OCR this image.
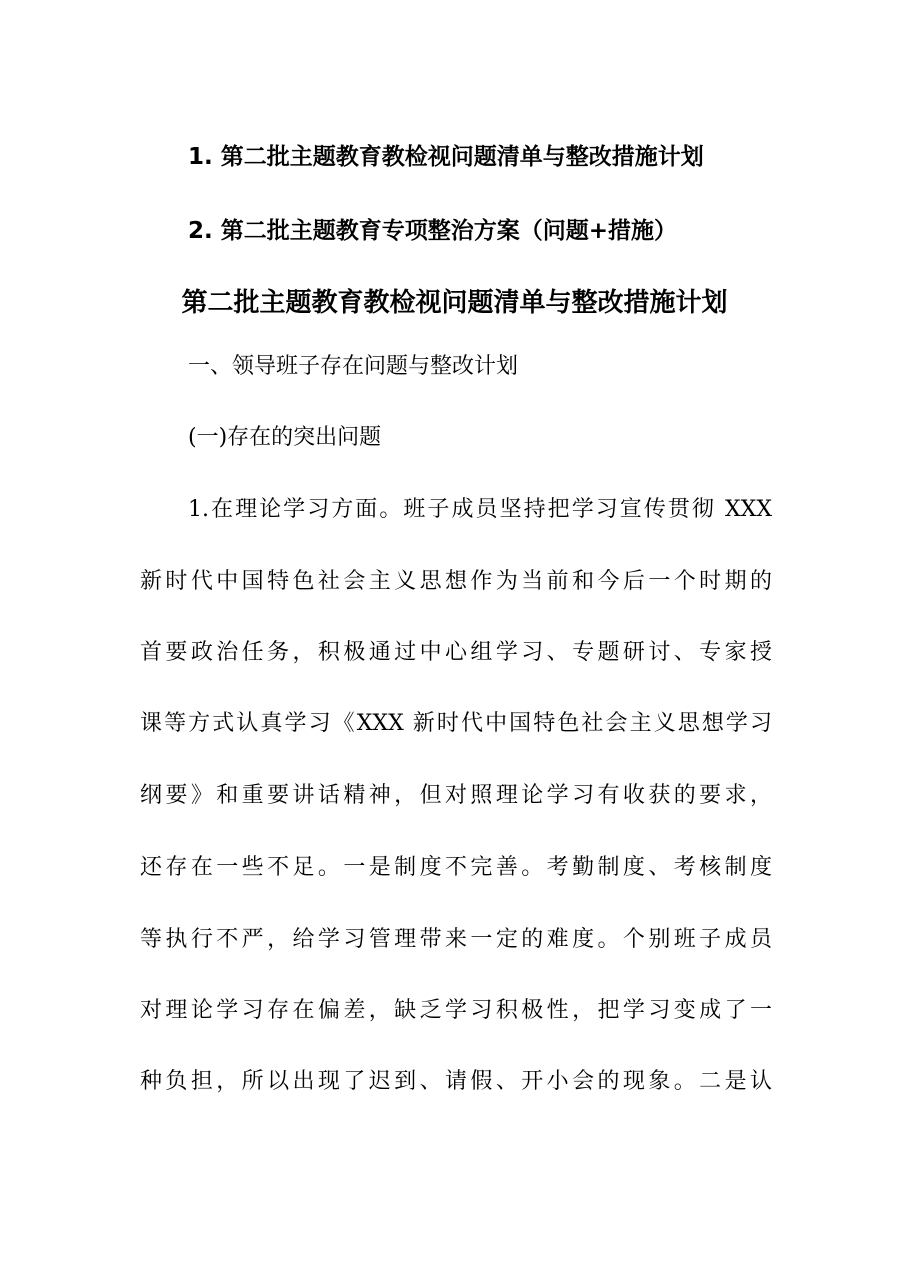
1. 第二批主题教育教检视问题清单与整改措施计划
2. 第二批主题教育专项整治方案（问题+措施）
第二批主题教育教检视问题清单与整改措施计划
一、领导班子存在问题与整改计划
(一)存在的突出问题
1.在理论学习方面。班子成员坚持把学习宣传贯彻 XXX
新时代中国特色社会主义思想作为当前和今后一个时期的
首要政治任务，积极通过中心组学习、专题研讨、专家授
课等方式认真学习《XXX 新时代中国特色社会主义思想学习
纲要》和重要讲话精神，但对照理论学习有收获的要求，
还存在一些不足。一是制度不完善。考勤制度、考核制度
等执行不严，给学习管理带来一定的难度。个别班子成员
对理论学习存在偏差，缺乏学习积极性，把学习变成了一
种负担，所以出现了迟到、请假、开小会的现象。二是认
